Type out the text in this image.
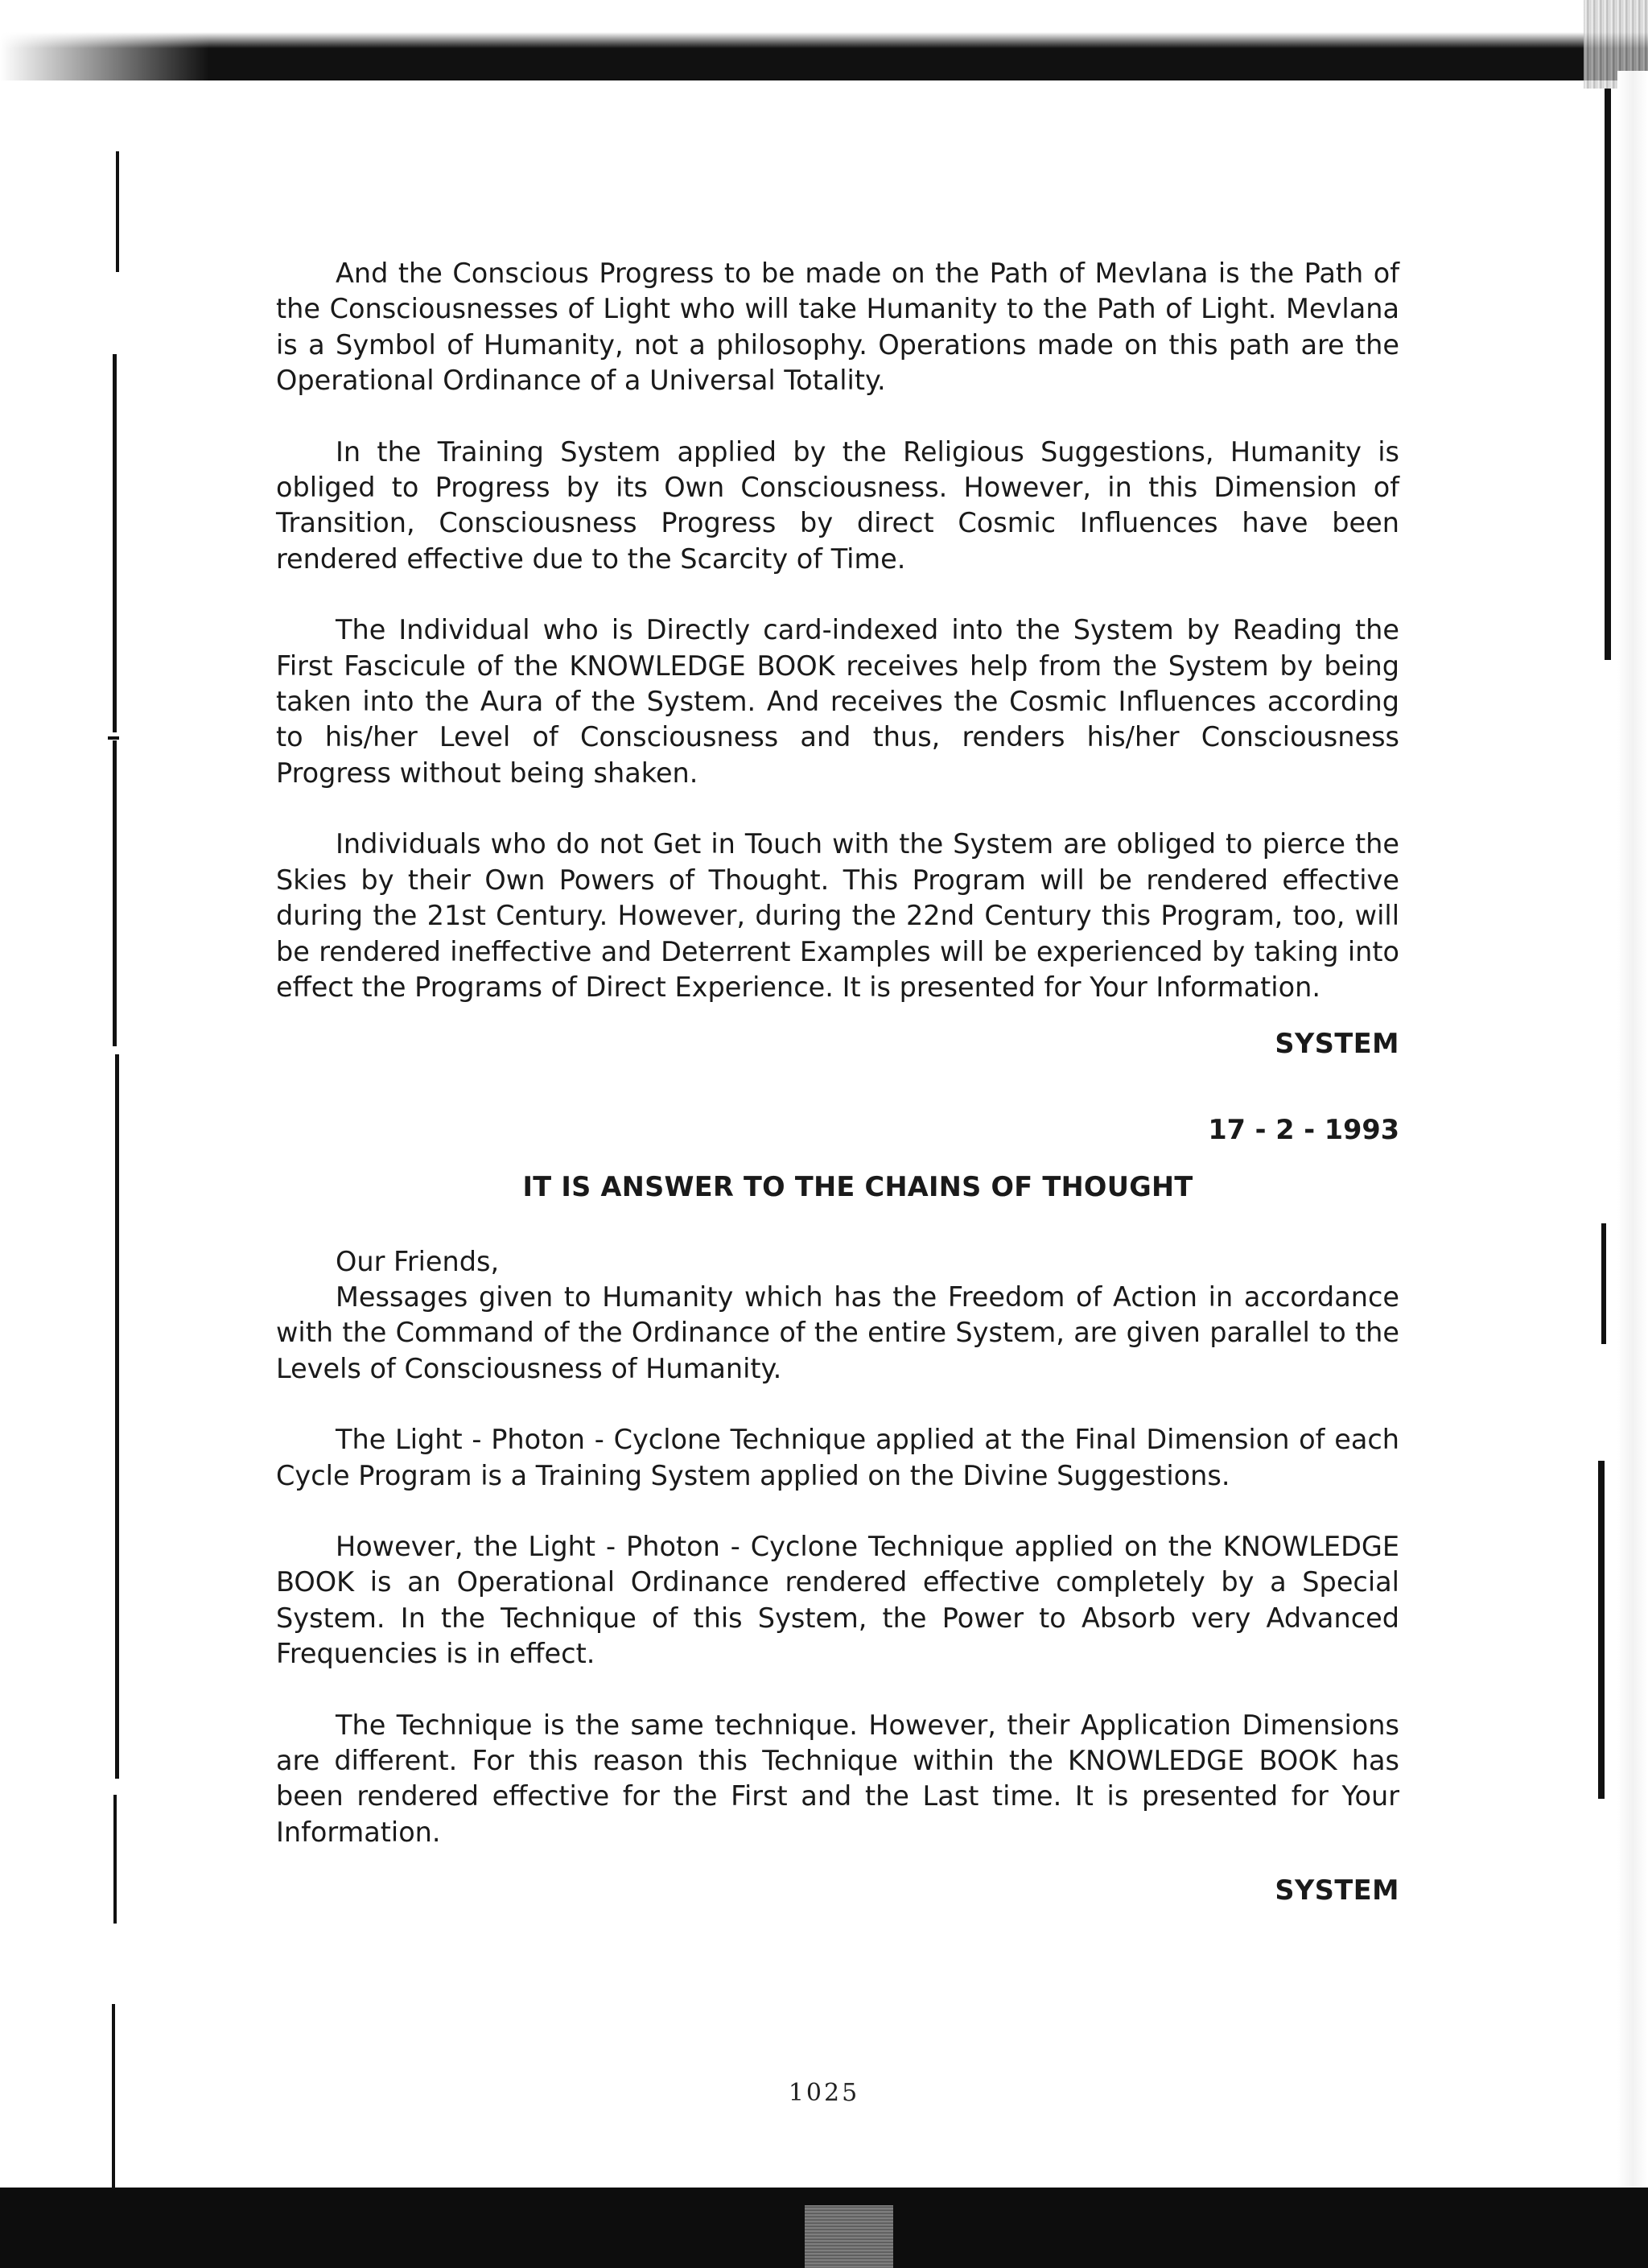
And the Conscious Progress to be made on the Path of Mevlana is the Path of the Consciousnesses of Light who will take Humanity to the Path of Light. Mevlana is a Symbol of Humanity, not a philosophy. Operations made on this path are the Operational Ordinance of a Universal Totality.

In the Training System applied by the Religious Suggestions, Humanity is obliged to Progress by its Own Consciousness. However, in this Dimension of Transition, Consciousness Progress by direct Cosmic Influences have been rendered effective due to the Scarcity of Time.

The Individual who is Directly card-indexed into the System by Reading the First Fascicule of the KNOWLEDGE BOOK receives help from the System by being taken into the Aura of the System. And receives the Cosmic Influences according to his/her Level of Consciousness and thus, renders his/her Consciousness Progress without being shaken.

Individuals who do not Get in Touch with the System are obliged to pierce the Skies by their Own Powers of Thought. This Program will be rendered effective during the 21st Century. However, during the 22nd Century this Program, too, will be rendered ineffective and Deterrent Examples will be experienced by taking into effect the Programs of Direct Experience. It is presented for Your Information.

SYSTEM

17 - 2 - 1993

IT IS ANSWER TO THE CHAINS OF THOUGHT

Our Friends,

Messages given to Humanity which has the Freedom of Action in accordance with the Command of the Ordinance of the entire System, are given parallel to the Levels of Consciousness of Humanity.

The Light - Photon - Cyclone Technique applied at the Final Dimension of each Cycle Program is a Training System applied on the Divine Suggestions.

However, the Light - Photon - Cyclone Technique applied on the KNOWLEDGE BOOK is an Operational Ordinance rendered effective completely by a Special System. In the Technique of this System, the Power to Absorb very Advanced Frequencies is in effect.

The Technique is the same technique. However, their Application Dimensions are different. For this reason this Technique within the KNOWLEDGE BOOK has been rendered effective for the First and the Last time. It is presented for Your Information.

SYSTEM

1025
